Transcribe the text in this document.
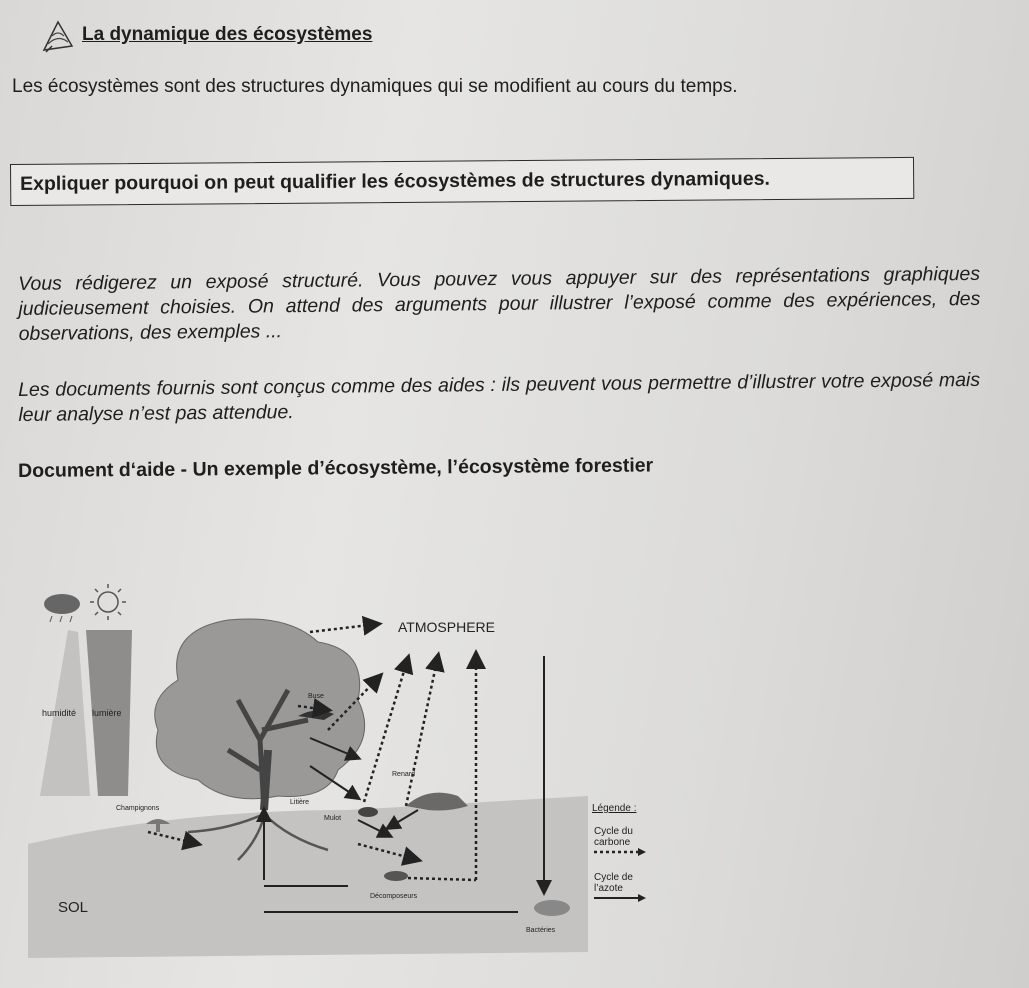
La dynamique des écosystèmes
Les écosystèmes sont des structures dynamiques qui se modifient au cours du temps.
Expliquer pourquoi on peut qualifier les écosystèmes de structures dynamiques.
Vous rédigerez un exposé structuré. Vous pouvez vous appuyer sur des représentations graphiques judicieusement choisies. On attend des arguments pour illustrer l’exposé comme des expériences, des observations, des exemples ...
Les documents fournis sont conçus comme des aides : ils peuvent vous permettre d’illustrer votre exposé mais leur analyse n’est pas attendue.
Document d‘aide - Un exemple d’écosystème, l’écosystème forestier
humidité lumière
ATMOSPHERE
Buse
Renard
Litière
Mulot
Champignons
SOL
Décomposeurs
Bactéries
Légende :
Cycle du
carbone
Cycle de
l’azote
